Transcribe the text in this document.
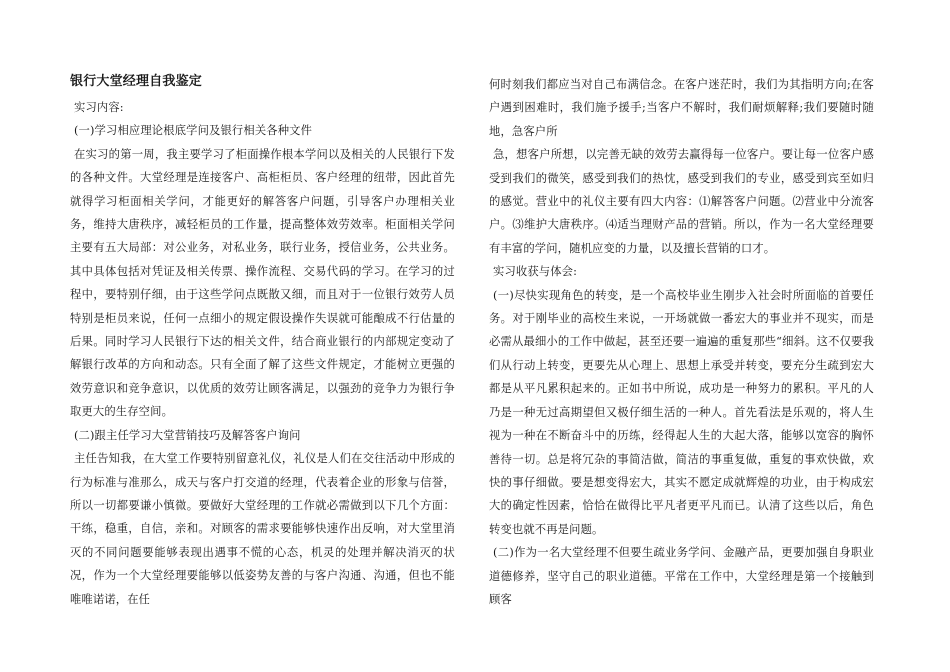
银行大堂经理自我鉴定

实习内容:

(一)学习相应理论根底学问及银行相关各种文件

在实习的第一周，我主要学习了柜面操作根本学问以及相关的人民银行下发的各种文件。大堂经理是连接客户、高柜柜员、客户经理的纽带，因此首先就得学习柜面相关学问，才能更好的解答客户问题，引导客户办理相关业务，维持大唐秩序，减轻柜员的工作量，提高整体效劳效率。柜面相关学问主要有五大局部：对公业务，对私业务，联行业务，授信业务，公共业务。其中具体包括对凭证及相关传票、操作流程、交易代码的学习。在学习的过程中，要特别仔细，由于这些学问点既散又细，而且对于一位银行效劳人员特别是柜员来说，任何一点细小的规定假设操作失误就可能酿成不行估量的后果。同时学习人民银行下达的相关文件，结合商业银行的内部规定变动了解银行改革的方向和动态。只有全面了解了这些文件规定，才能树立更强的效劳意识和竞争意识，以优质的效劳让顾客满足，以强劲的竞争力为银行争取更大的生存空间。

(二)跟主任学习大堂营销技巧及解答客户询问

主任告知我，在大堂工作要特别留意礼仪，礼仪是人们在交往活动中形成的行为标准与准那么，成天与客户打交道的经理，代表着企业的形象与信誉，所以一切都要谦小慎微。要做好大堂经理的工作就必需做到以下几个方面：干练，稳重，自信，亲和。对顾客的需求要能够快速作出反响，对大堂里消灭的不同问题要能够表现出遇事不慌的心态，机灵的处理并解决消灭的状况，作为一个大堂经理要能够以低姿势友善的与客户沟通、沟通，但也不能唯唯诺诺，在任

何时刻我们都应当对自己布满信念。在客户迷茫时，我们为其指明方向;在客户遇到困难时，我们施予援手;当客户不解时，我们耐烦解释;我们要随时随地，急客户所

急，想客户所想，以完善无缺的效劳去赢得每一位客户。要让每一位客户感受到我们的微笑，感受到我们的热忱，感受到我们的专业，感受到宾至如归的感觉。营业中的礼仪主要有四大内容：⑴解答客户问题。⑵营业中分流客户。⑶维护大唐秩序。⑷适当理财产品的营销。所以，作为一名大堂经理要有丰富的学问，随机应变的力量，以及擅长营销的口才。

实习收获与体会:

(一)尽快实现角色的转变，是一个高校毕业生刚步入社会时所面临的首要任务。对于刚毕业的高校生来说，一开场就做一番宏大的事业并不现实，而是必需从最细小的工作中做起，甚至还要一遍遍的重复那些“细斜。这不仅要我们从行动上转变，更要先从心理上、思想上承受并转变，要充分生疏到宏大都是从平凡累积起来的。正如书中所说，成功是一种努力的累积。平凡的人乃是一种无过高期望但又极仔细生活的一种人。首先看法是乐观的，将人生视为一种在不断奋斗中的历练，经得起人生的大起大落，能够以宽容的胸怀善待一切。总是将冗杂的事简洁做，简洁的事重复做，重复的事欢快做，欢快的事仔细做。要是想变得宏大，其实不愿定成就辉煌的功业，由于构成宏大的确定性因素，恰恰在做得比平凡者更平凡而已。认清了这些以后，角色转变也就不再是问题。

(二)作为一名大堂经理不但要生疏业务学问、金融产品，更要加强自身职业道德修养，坚守自己的职业道德。平常在工作中，大堂经理是第一个接触到顾客
